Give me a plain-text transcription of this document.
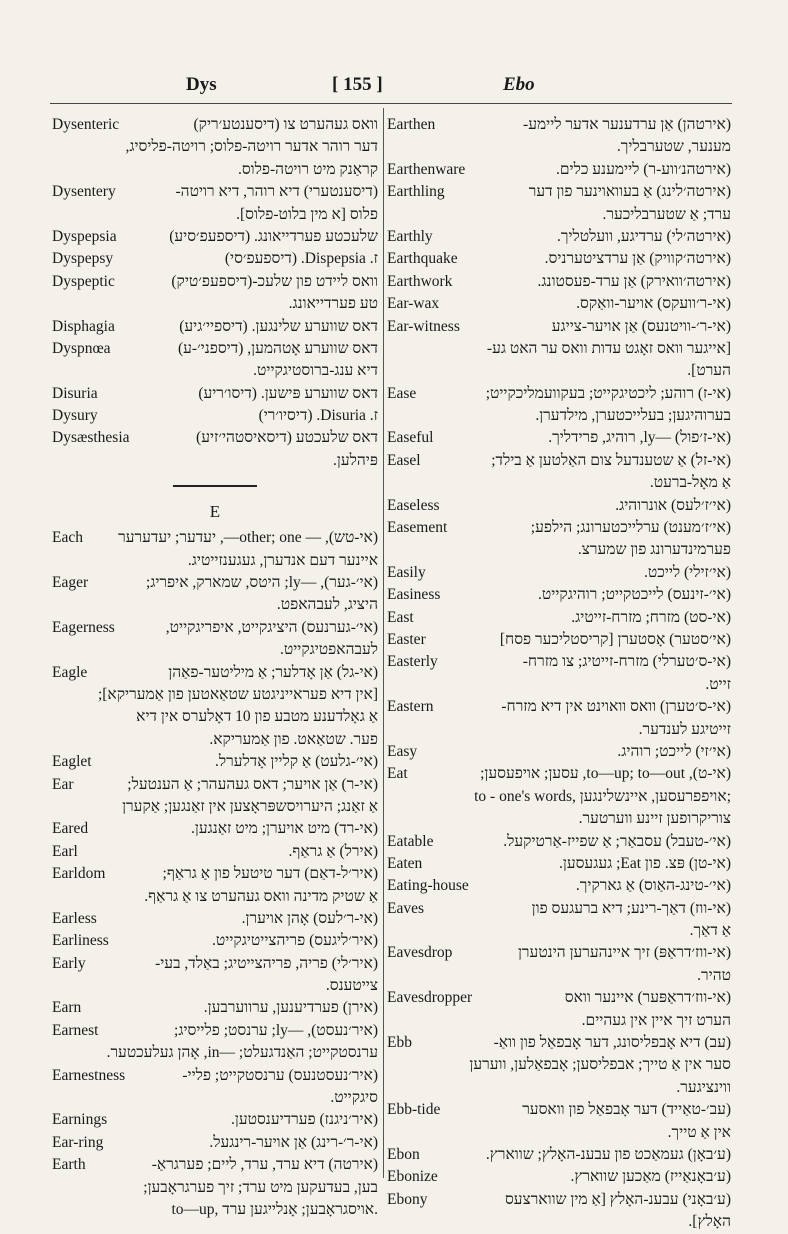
Dys	[ 155 ]	Ebo
Dysenteric	וואס געהערט צו (דיסענטע׳ריק)
דער רוהר אדער רויטה-פלוס; רויטה-פליסיג,
קראַנק מיט רויטה-פלוס.
Dysentery	(דיסענטערי) דיא רוהר, דיא רויטה-
פלוס [א מין בלוט-פלוס].
Dyspepsia	שלעכטע פערדייאונג. (דיספעפ׳סיע)
Dyspepsy	ז. Dispepsia. (דיספעפ׳סי)
Dyspeptic	וואס ליידט פון שלעכ-(דיספעפ׳טיק)
טע פערדייאונג.
Disphagia	דאס שווערע שלינגען. (דיספיי׳גיע)
Dyspnœa	דאס שווערע אָטהמען, (דיספני׳-ע)
דיא ענג-ברוסטיגקייט.
Disuria	דאס שווערע פּישען. (דיסו׳ריע)
Dysury	ז. Disuria. (דיסיו׳רי)
Dysæsthesia	דאס שלעכטע (דיסאיסטהי׳זיע)
פּיהלען.
E
Each (אי-טש), — other; one—, יעדער; יעדערער
איינער דעם אנדערן, געגענזייטיג.
Eager	(אי׳-גער), —ly; היטס, שמארק, איפריג;
היציג, לעבהאפט.
Eagerness	(אי׳-גערנעס) היציגקייט, איפריגקייט,
לעבהאפטיגקייט.
Eagle	(אי-גל) אַן אָדלער; אַ מיליטער-פאַהן
[אין דיא פעראייניגטע שטאַאטען פון אַמעריקא];
אַ גאָלדענע מטבע פון 10 דאָלערס אין דיא
פער. שטאַאט. פון אַמעריקא.
Eaglet	(אי׳-גלעט) אַ קליין אָדלערל.
Ear	(אי-ר) אַן אויער; דאס געהעהר; אַ הענטעל;
אַ זאַנג; היערויסשפּראָצען אין זאַנגען; אַקערן
Eared	(אי-רד) מיט אויערן; מיט זאַנגען.
Earl	(אירל) אַ גראַף.
Earldom	(איר׳ל-דאַם) דער טיטעל פון אַ גראַף;
אַ שטיק מדינה וואס געהערט צו אַ גראַף.
Earless	(אי-ר׳לעס) אָהן אויערן.
Earliness	(איר׳ליגעס) פריהצייטיגקייט.
Early	(איר׳לי) פריה, פריהצייטיג; באַלד, בעי-
צייטענס.
Earn	(אירן) פערדיענען, ערווערבען.
Earnest	(איר׳נעסט), —ly; ערנסט; פלייסיג;
ערנסטקייט; האַנדגעלט; —in, אָהן געלעכטער.
Earnestness	(איר׳נעסטנעס) ערנסטקייט; פליי-
סיגקייט.
Earnings	(איר׳ניגנז) פערדיענסטען.
Ear-ring	(אי-ר׳-רינג) אַן אויער-רינגעל.
Earth	(אירטה) דיא ערד, ערד, ליים; פערגראַ-
בען, בעדעקען מיט ערד; זיך פערגראָבען;
to—up, אויסגראָבען; אָנלייגען ערד.
Earthen	(אירטהן) אַן ערדענער אדער ליימע-
מענער, שטערבליך.
Earthenware	(אירטהנ׳ווע-ר) ליימענע כלים.
Earthling	(אירטה׳לינג) אַ בעוואוינער פון דער
ערד; אַ שטערבליכער.
Earthly	(אירטה׳לי) ערדיגע, וועלטליך.
Earthquake	(אירטה׳קוויק) אַן ערדציטערניס.
Earthwork	(אירטה׳וואירק) אַן ערד-פעסטונג.
Ear-wax	(אי-ר׳וועקס) אויער-וואַקס.
Ear-witness	(אי-ר׳-וויטנעס) אַן אויער-צייגע
[אייגער וואס זאָגט עדות וואס ער האט גע-
הערט].
Ease	(אי-ז) רוהע; ליכטיגקייט; בעקוועמליכקייט;
בערוהיגען; בעלייכטערן, מילדערן.
Easeful	(אי-ז׳פול) —ly, רוהיג, פרידליך.
Easel	(אי-זל) אַ שטענדעל צום האַלטען אַ בילד;
אַ מאָל-ברעט.
Easeless	(אי׳ז׳לעס) אונרוהיג.
Easement	(אי׳ז׳מענט) ערלייכטערונג; הילפע;
פערמינדערונג פון שמערצ.
Easily	(אי׳זילי) לייכט.
Easiness	(אי׳-זינעס) לייכטקייט; רוהיגקייט.
East	(אי-סט) מזרח; מזרח-זייטיג.
Easter	(אי׳סטער) אָסטערן [קריסטליכער פסח]
Easterly	(אי-ס׳טערלי) מזרח-זייטיג; צו מזרח-
זייט.
Eastern	(אי-ס׳טערן) וואס וואוינט אין דיא מזרח-
זייטיגע לענדער.
Easy	(אי׳זי) לייכט; רוהיג.
Eat	(אי-ט), to—up; to—out, עסען; אויפעסען;
to - one's words, אויפפרעסען, איינשלינגען;
צוריקרופען זיינע ווערטער.
Eatable	(אי׳-טעבל) עסבאַר; אַ שפייז-אַרטיקעל.
Eaten	(אי-טן) פּצ. פון Eat; געגעסען.
Eating-house	(אי׳-טינג-האַוס) אַ גארקיך.
Eaves	(אי-ווז) דאַך-רינע; דיא ברעגעס פון
אַ דאַך.
Eavesdrop	(אי-ווז׳דראַפּ) זיך איינהערען הינטערן
טהיר.
Eavesdropper	(אי-ווז׳דראַפּער) איינער וואס
הערט זיך איין אין געהיים.
Ebb	(עב) דיא אָבפליסונג, דער אָבפאַל פון וואַ-
סער אין אַ טייך; אבפליסען; אָבפאַלען, ווערען
ווינציגער.
Ebb-tide	(עב׳-טאַייד) דער אָבפאַל פון וואסער
אין אַ טייך.
Ebon	(ע׳באָן) געמאַכט פון עבענ-האָלץ; שווארץ.
Ebonize	(ע׳באָנאַייז) מאַכען שווארץ.
Ebony	(ע׳באָני) עבענ-האָלץ [אַ מין שווארצעס
האָלץ].
